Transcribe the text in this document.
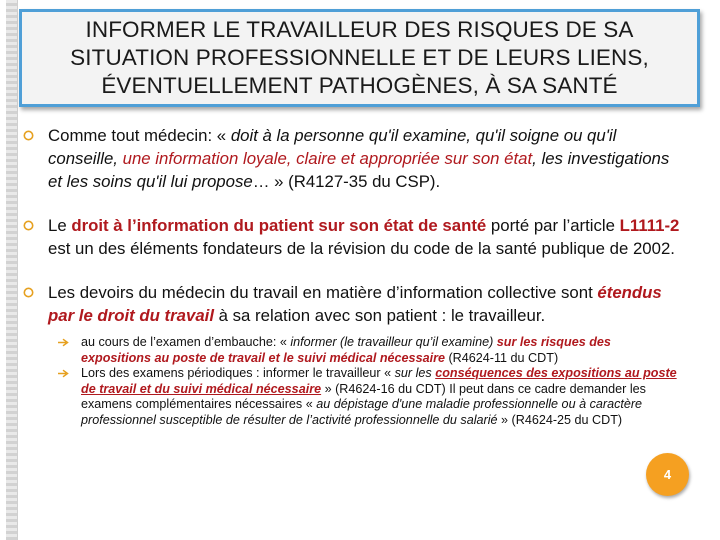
INFORMER LE TRAVAILLEUR DES RISQUES DE SA
SITUATION PROFESSIONNELLE ET DE LEURS LIENS,
ÉVENTUELLEMENT PATHOGÈNES, À SA SANTÉ
Comme tout médecin: « doit à la personne qu'il examine, qu'il soigne ou qu'il conseille, une information loyale, claire et appropriée sur son état, les investigations et les soins qu'il lui propose… » (R4127-35 du CSP).
Le droit à l’information du patient sur son état de santé porté par l’article L1111-2 est un des éléments fondateurs de la révision du code de la santé publique de 2002.
Les devoirs du médecin du travail en matière d’information collective sont étendus par le droit du travail à sa relation avec son patient : le travailleur.
au cours de l’examen d’embauche: « informer (le travailleur qu’il examine) sur les risques des expositions au poste de travail et le suivi médical nécessaire (R4624-11 du CDT)
Lors des examens périodiques : informer le travailleur « sur les conséquences des expositions au poste de travail et du suivi médical nécessaire » (R4624-16 du CDT) Il peut dans ce cadre demander les examens complémentaires nécessaires « au dépistage d'une maladie professionnelle ou à caractère professionnel susceptible de résulter de l’activité professionnelle du salarié » (R4624-25 du CDT)
4
